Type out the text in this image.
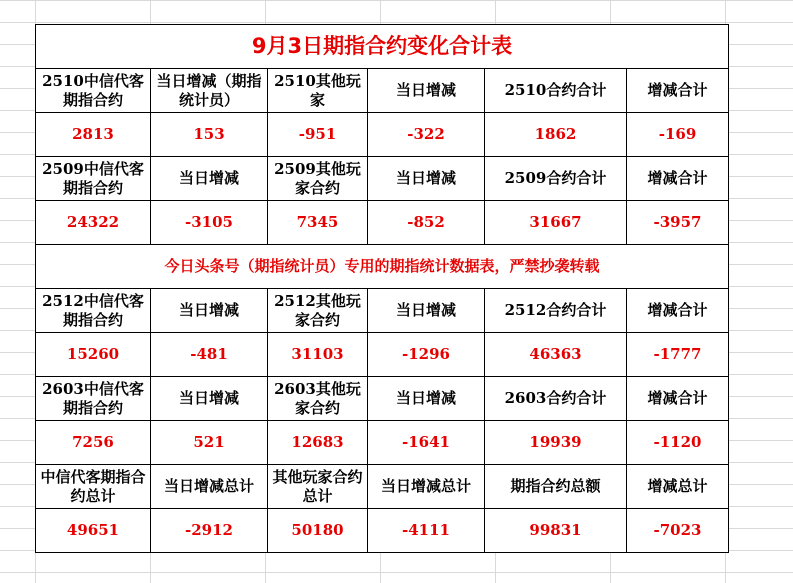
9月3日期指合约变化合计表					

2510中信代客期指合约	当日增减（期指统计员）	2510其他玩家	当日增减	2510合约合计	增减合计

2813	153	-951	-322	1862	-169

2509中信代客期指合约	当日增减	2509其他玩家合约	当日增减	2509合约合计	增减合计

24322	-3105	7345	-852	31667	-3957
今日头条号（期指统计员）专用的期指统计数据表，严禁抄袭转载					

2512中信代客期指合约	当日增减	2512其他玩家合约	当日增减	2512合约合计	增减合计

15260	-481	31103	-1296	46363	-1777

2603中信代客期指合约	当日增减	2603其他玩家合约	当日增减	2603合约合计	增减合计

7256	521	12683	-1641	19939	-1120

中信代客期指合约总计	当日增减总计	其他玩家合约总计	当日增减总计	期指合约总额	增减总计

49651	-2912	50180	-4111	99831	-7023
